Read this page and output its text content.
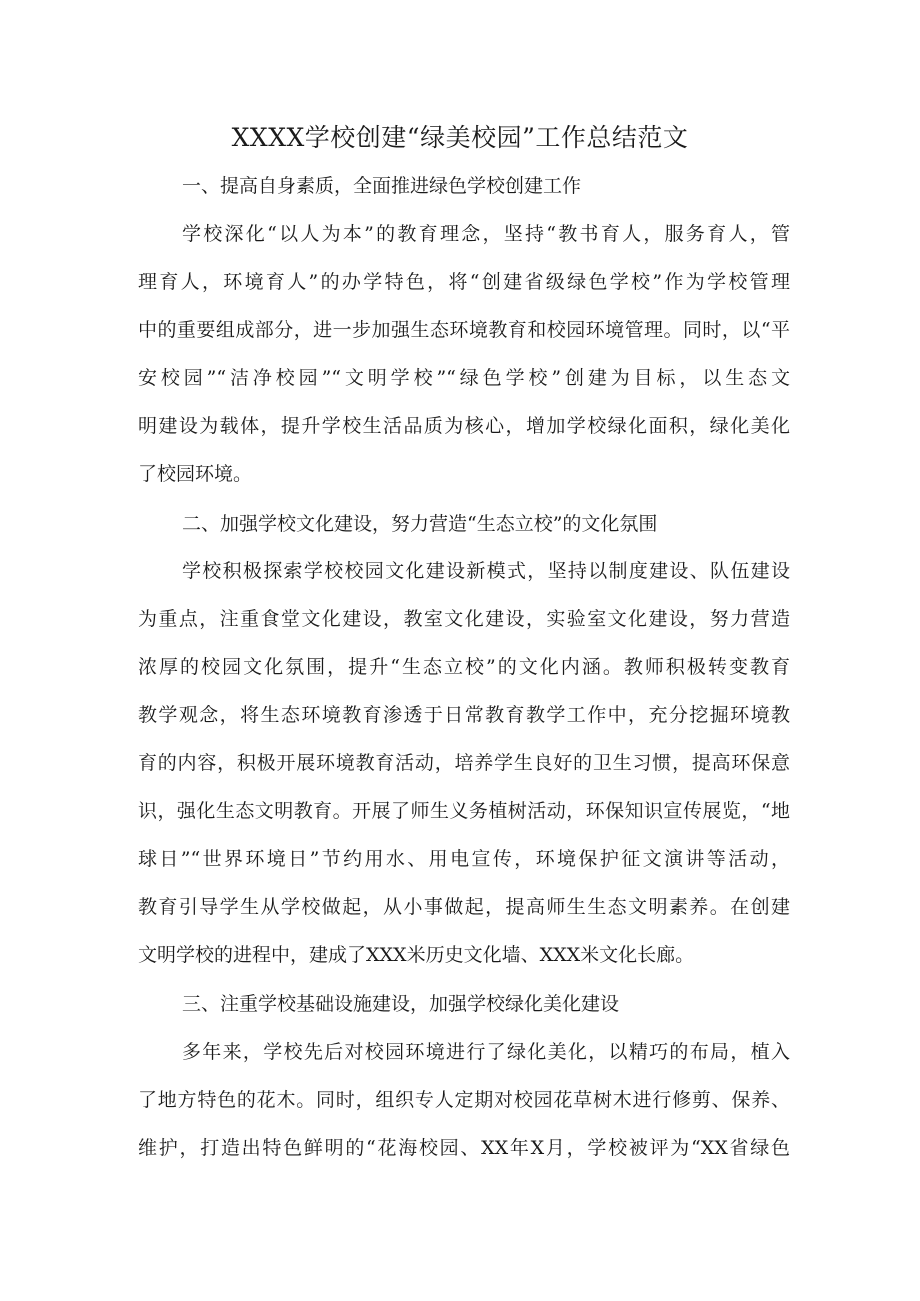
XXXX学校创建“绿美校园”工作总结范文
一、提高自身素质，全面推进绿色学校创建工作
学校深化“以人为本”的教育理念，坚持“教书育人，服务育人，管
理育人，环境育人”的办学特色，将“创建省级绿色学校”作为学校管理
中的重要组成部分，进一步加强生态环境教育和校园环境管理。同时，以“平
安校园”“洁净校园”“文明学校”“绿色学校”创建为目标，以生态文
明建设为载体，提升学校生活品质为核心，增加学校绿化面积，绿化美化
了校园环境。
二、加强学校文化建设，努力营造“生态立校”的文化氛围
学校积极探索学校校园文化建设新模式，坚持以制度建设、队伍建设
为重点，注重食堂文化建设，教室文化建设，实验室文化建设，努力营造
浓厚的校园文化氛围，提升“生态立校”的文化内涵。教师积极转变教育
教学观念，将生态环境教育渗透于日常教育教学工作中，充分挖掘环境教
育的内容，积极开展环境教育活动，培养学生良好的卫生习惯，提高环保意
识，强化生态文明教育。开展了师生义务植树活动，环保知识宣传展览，“地
球日”“世界环境日”节约用水、用电宣传，环境保护征文演讲等活动，
教育引导学生从学校做起，从小事做起，提高师生生态文明素养。在创建
文明学校的进程中，建成了XXX米历史文化墙、XXX米文化长廊。
三、注重学校基础设施建设，加强学校绿化美化建设
多年来，学校先后对校园环境进行了绿化美化，以精巧的布局，植入
了地方特色的花木。同时，组织专人定期对校园花草树木进行修剪、保养、
维护，打造出特色鲜明的“花海校园、XX年X月，学校被评为“XX省绿色
